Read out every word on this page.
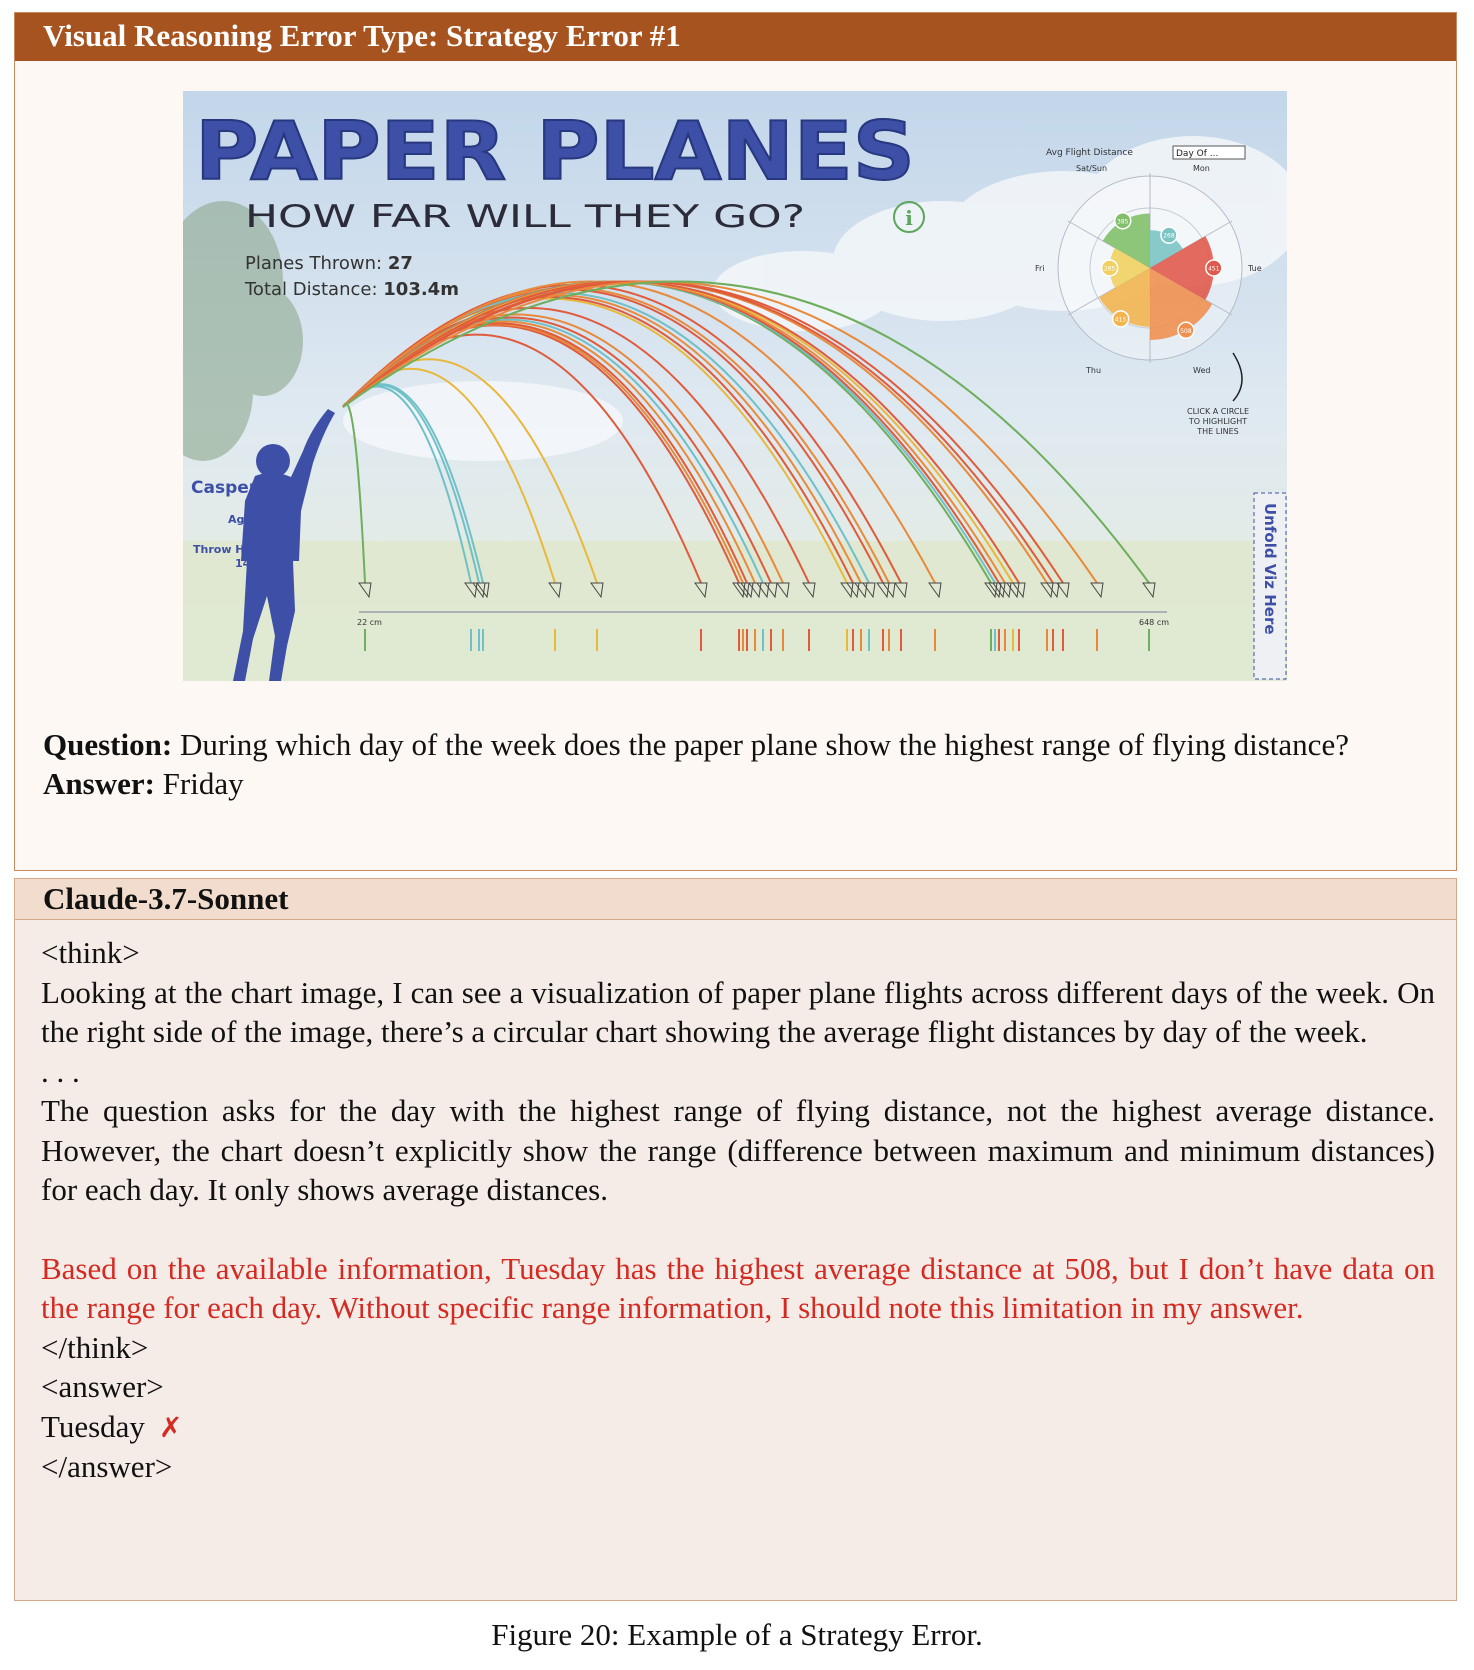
Visual Reasoning Error Type: Strategy Error #1
PAPER PLANES
HOW FAR WILL THEY GO?	i
Planes Thrown: 27
Total Distance: 103.4m
22 cm	648 cm
Casper
Age 10
Throw Height
140cm
Avg Flight Distance	Day Of ...
268
451
508
415
285
385
Sat/Sun	Mon
Tue
Wed
Thu
Fri
CLICK A CIRCLE
TO HIGHLIGHT
THE LINES
Unfold Viz Here
Question: During which day of the week does the paper plane show the highest range of flying distance?
Answer: Friday
Claude-3.7-Sonnet

<think>

Looking at the chart image, I can see a visualization of paper plane flights across different days of the week. On the right side of the image, there’s a circular chart showing the average flight distances by day of the week.

. . .

The question asks for the day with the highest range of flying distance, not the highest average distance. However, the chart doesn’t explicitly show the range (difference between maximum and minimum distances) for each day. It only shows average distances.

Based on the available information, Tuesday has the highest average distance at 508, but I don’t have data on the range for each day. Without specific range information, I should note this limitation in my answer.

</think>

<answer>

Tuesday ✗

</answer>

Figure 20: Example of a Strategy Error.
